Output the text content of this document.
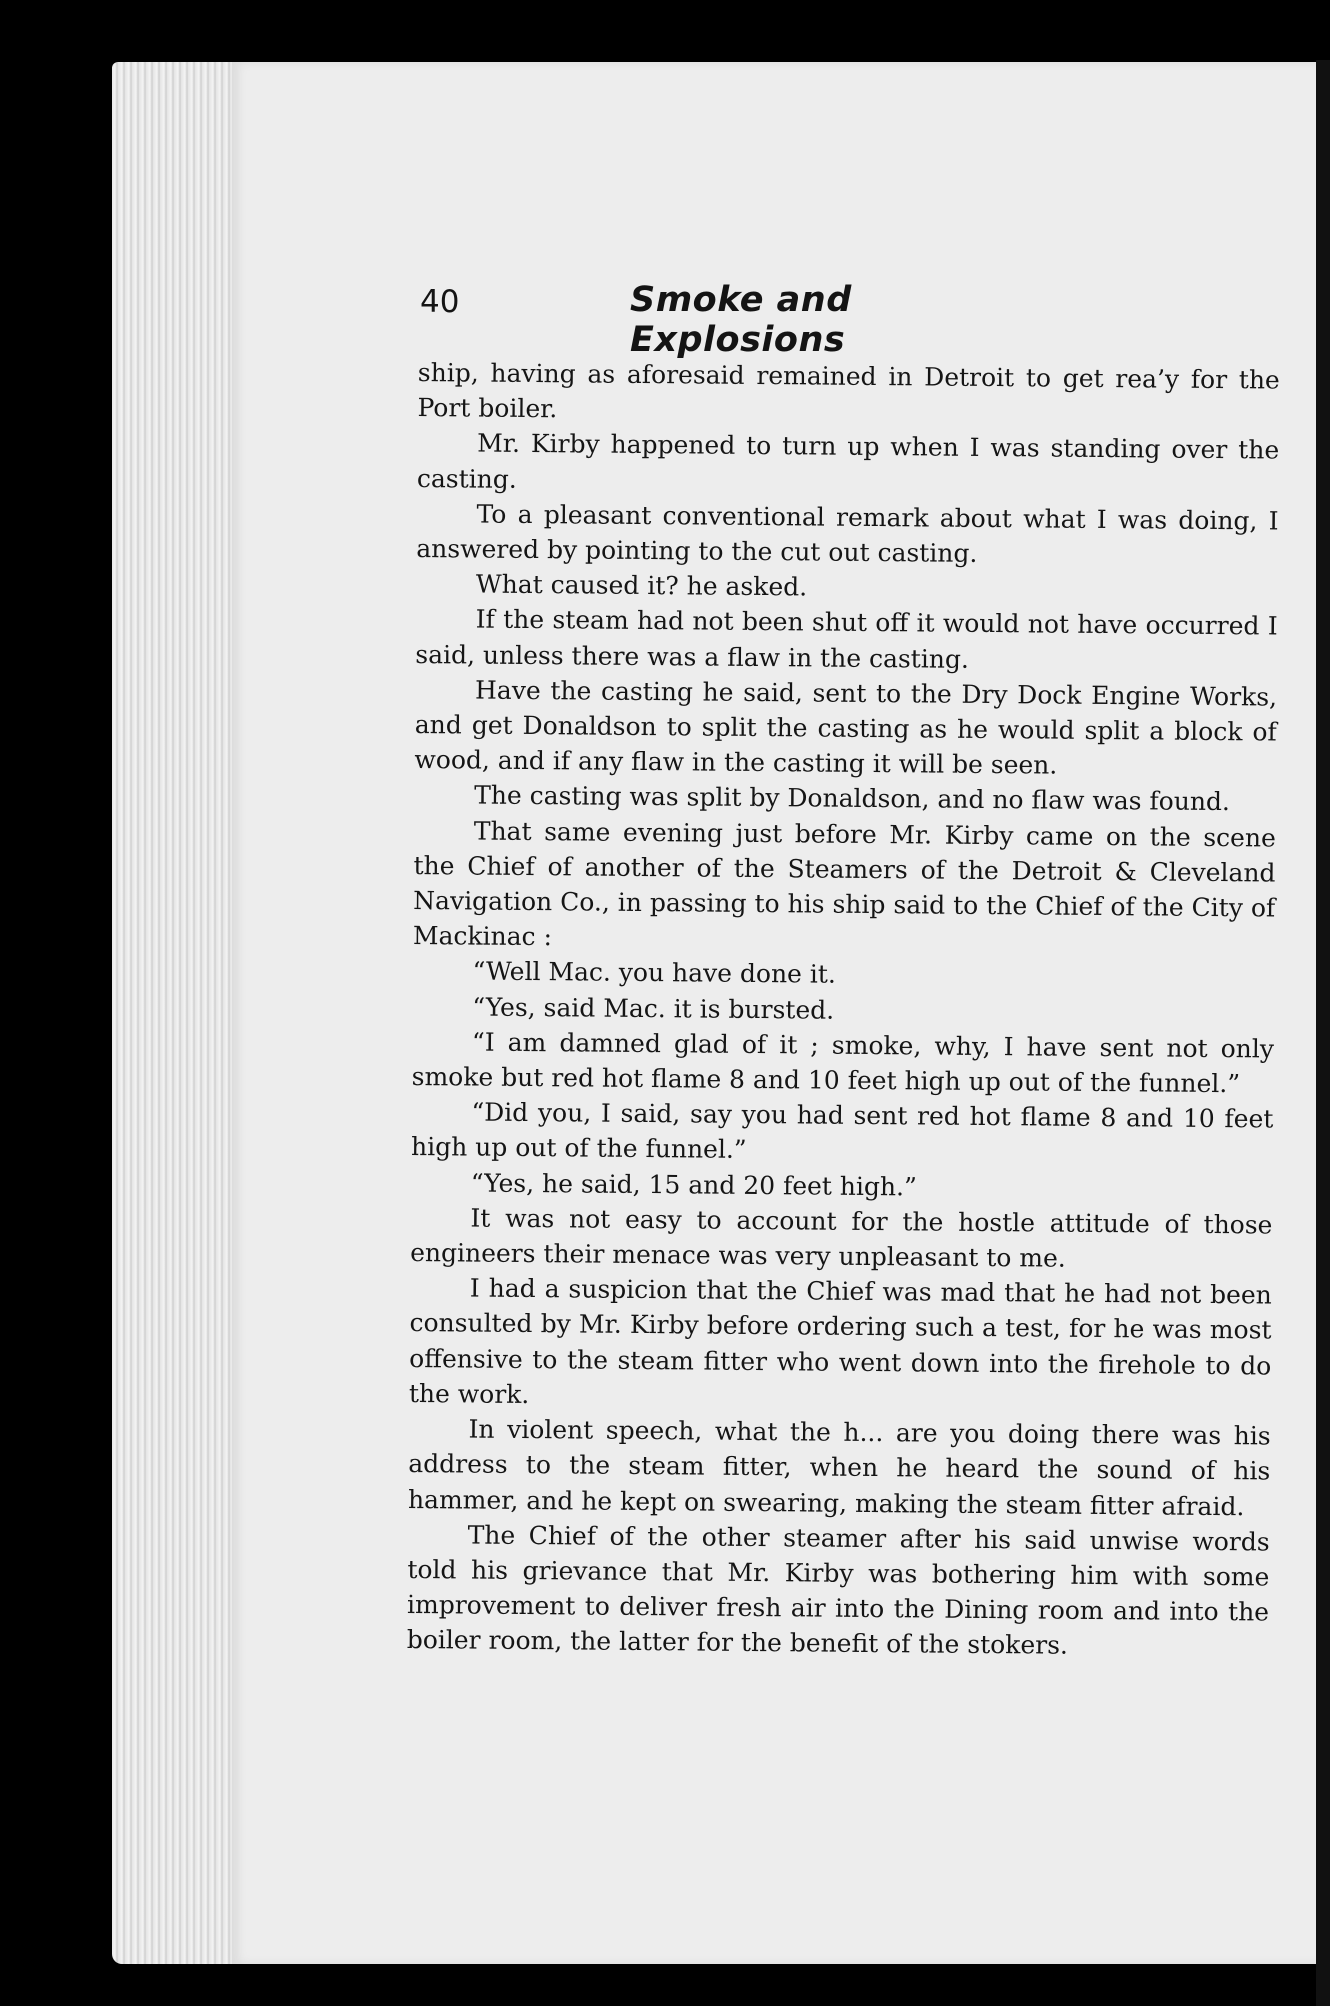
40	Smoke and Explosions

ship, having as aforesaid remained in Detroit to get rea’y for the Port boiler.

Mr. Kirby happened to turn up when I was standing over the casting.

To a pleasant conventional remark about what I was doing, I answered by pointing to the cut out casting.

What caused it? he asked.

If the steam had not been shut off it would not have occurred I said, unless there was a flaw in the casting.

Have the casting he said, sent to the Dry Dock Engine Works, and get Donaldson to split the casting as he would split a block of wood, and if any flaw in the casting it will be seen.

The casting was split by Donaldson, and no flaw was found.

That same evening just before Mr. Kirby came on the scene the Chief of another of the Steamers of the Detroit & Cleveland Navigation Co., in passing to his ship said to the Chief of the City of Mackinac :

“Well Mac. you have done it.

“Yes, said Mac. it is bursted.

“I am damned glad of it ; smoke, why, I have sent not only smoke but red hot flame 8 and 10 feet high up out of the funnel.”

“Did you, I said, say you had sent red hot flame 8 and 10 feet high up out of the funnel.”

“Yes, he said, 15 and 20 feet high.”

It was not easy to account for the hostle attitude of those engineers their menace was very unpleasant to me.

I had a suspicion that the Chief was mad that he had not been consulted by Mr. Kirby before ordering such a test, for he was most offensive to the steam fitter who went down into the firehole to do the work.

In violent speech, what the h... are you doing there was his address to the steam fitter, when he heard the sound of his hammer, and he kept on swearing, making the steam fitter afraid.

The Chief of the other steamer after his said unwise words told his grievance that Mr. Kirby was bothering him with some improvement to deliver fresh air into the Dining room and into the boiler room, the latter for the benefit of the stokers.
